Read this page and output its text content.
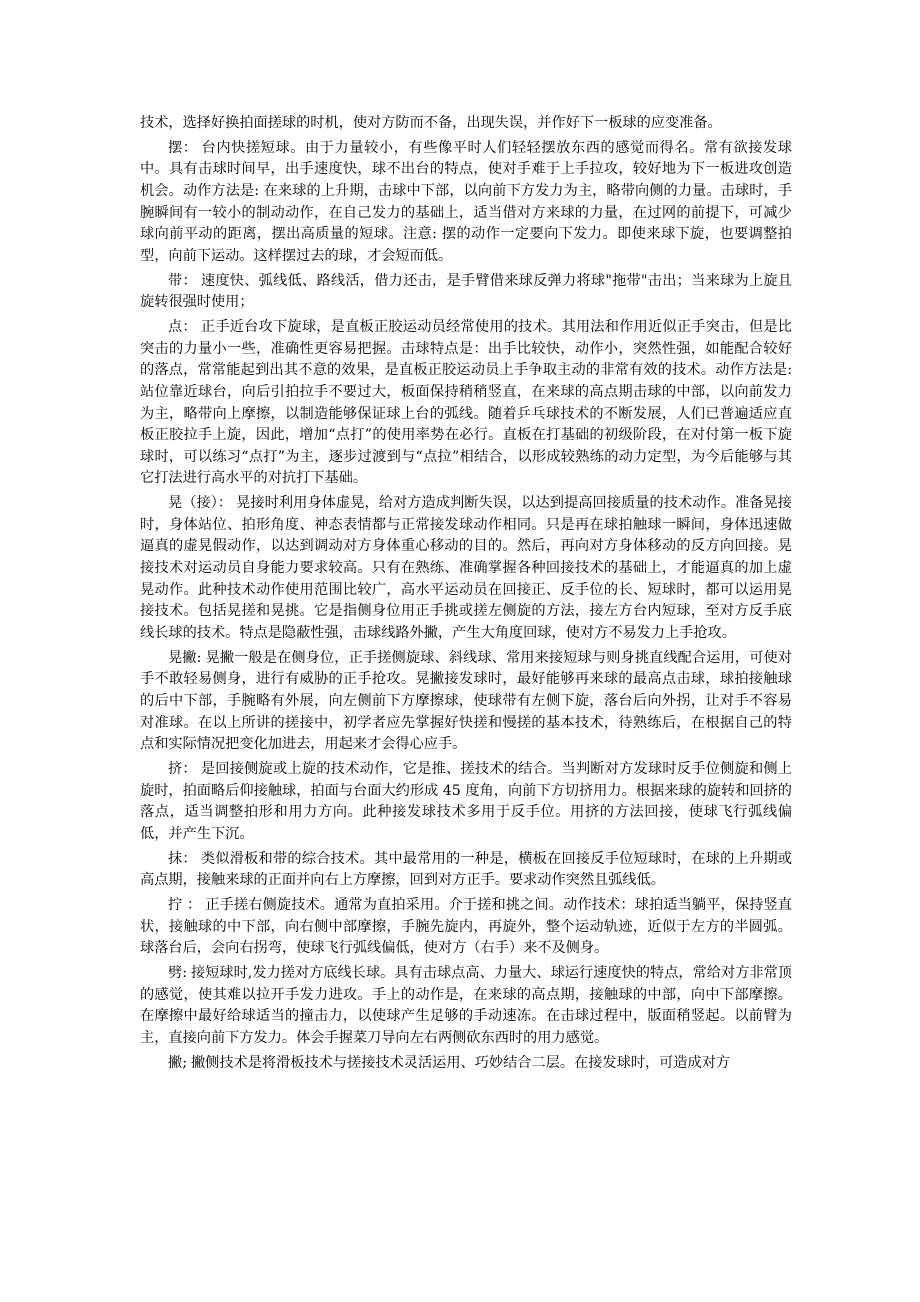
技术，选择好换拍面搓球的时机，使对方防而不备，出现失误，并作好下一板球的应变准备。

摆： 台内快搓短球。由于力量较小，有些像平时人们轻轻摆放东西的感觉而得名。常有欲接发球中。具有击球时间早，出手速度快，球不出台的特点，使对手难于上手拉攻，较好地为下一板进攻创造机会。动作方法是: 在来球的上升期，击球中下部，以向前下方发力为主，略带向侧的力量。击球时，手腕瞬间有一较小的制动动作，在自己发力的基础上，适当借对方来球的力量，在过网的前提下，可减少球向前平动的距离，摆出高质量的短球。注意: 摆的动作一定要向下发力。即使来球下旋，也要调整拍型，向前下运动。这样摆过去的球，才会短而低。

带： 速度快、弧线低、路线活，借力还击，是手臂借来球反弹力将球"拖带"击出；当来球为上旋且旋转很强时使用；

点： 正手近台攻下旋球，是直板正胶运动员经常使用的技术。其用法和作用近似正手突击，但是比突击的力量小一些，准确性更容易把握。击球特点是：出手比较快，动作小，突然性强，如能配合较好的落点，常常能起到出其不意的效果，是直板正胶运动员上手争取主动的非常有效的技术。动作方法是: 站位靠近球台，向后引拍拉手不要过大，板面保持稍稍竖直，在来球的高点期击球的中部，以向前发力为主，略带向上摩擦，以制造能够保证球上台的弧线。随着乒乓球技术的不断发展，人们已普遍适应直板正胶拉手上旋，因此，增加“点打”的使用率势在必行。直板在打基础的初级阶段，在对付第一板下旋球时，可以练习“点打”为主，逐步过渡到与“点拉”相结合，以形成较熟练的动力定型，为今后能够与其它打法进行高水平的对抗打下基础。

晃（接）： 晃接时利用身体虚晃，给对方造成判断失误，以达到提高回接质量的技术动作。准备晃接时，身体站位、拍形角度、神态表情都与正常接发球动作相同。只是再在球拍触球一瞬间，身体迅速做逼真的虚晃假动作，以达到调动对方身体重心移动的目的。然后，再向对方身体移动的反方向回接。晃接技术对运动员自身能力要求较高。只有在熟练、准确掌握各种回接技术的基础上，才能逼真的加上虚晃动作。此种技术动作使用范围比较广，高水平运动员在回接正、反手位的长、短球时，都可以运用晃接技术。包括晃搓和晃挑。它是指侧身位用正手挑或搓左侧旋的方法，接左方台内短球，至对方反手底线长球的技术。特点是隐蔽性强，击球线路外撇，产生大角度回球，使对方不易发力上手抢攻。

晃撇: 晃撇一般是在侧身位，正手搓侧旋球、斜线球、常用来接短球与则身挑直线配合运用，可使对手不敢轻易侧身，进行有威胁的正手抢攻。晃撇接发球时，最好能够再来球的最高点击球，球拍接触球的后中下部，手腕略有外展，向左侧前下方摩擦球，使球带有左侧下旋，落台后向外拐，让对手不容易对准球。在以上所讲的搓接中，初学者应先掌握好快搓和慢搓的基本技术，待熟练后，在根据自己的特点和实际情况把变化加进去，用起来才会得心应手。

挤： 是回接侧旋或上旋的技术动作，它是推、搓技术的结合。当判断对方发球时反手位侧旋和侧上旋时，拍面略后仰接触球，拍面与台面大约形成 45 度角，向前下方切挤用力。根据来球的旋转和回挤的落点，适当调整拍形和用力方向。此种接发球技术多用于反手位。用挤的方法回接，使球飞行弧线偏低，并产生下沉。

抹： 类似滑板和带的综合技术。其中最常用的一种是，横板在回接反手位短球时，在球的上升期或高点期，接触来球的正面并向右上方摩擦，回到对方正手。要求动作突然且弧线低。

拧 ： 正手搓右侧旋技术。通常为直拍采用。介于搓和挑之间。动作技术：球拍适当躺平，保持竖直状，接触球的中下部，向右侧中部摩擦，手腕先旋内，再旋外，整个运动轨迹，近似于左方的半圆弧。球落台后，会向右拐弯，使球飞行弧线偏低，使对方（右手）来不及侧身。

劈: 接短球时,发力搓对方底线长球。具有击球点高、力量大、球运行速度快的特点，常给对方非常顶的感觉，使其难以拉开手发力进攻。手上的动作是，在来球的高点期，接触球的中部，向中下部摩擦。在摩擦中最好给球适当的撞击力，以使球产生足够的手动速冻。在击球过程中，版面稍竖起。以前臂为主，直接向前下方发力。体会手握菜刀导向左右两侧砍东西时的用力感觉。

撇; 撇侧技术是将滑板技术与搓接技术灵活运用、巧妙结合二层。在接发球时，可造成对方
